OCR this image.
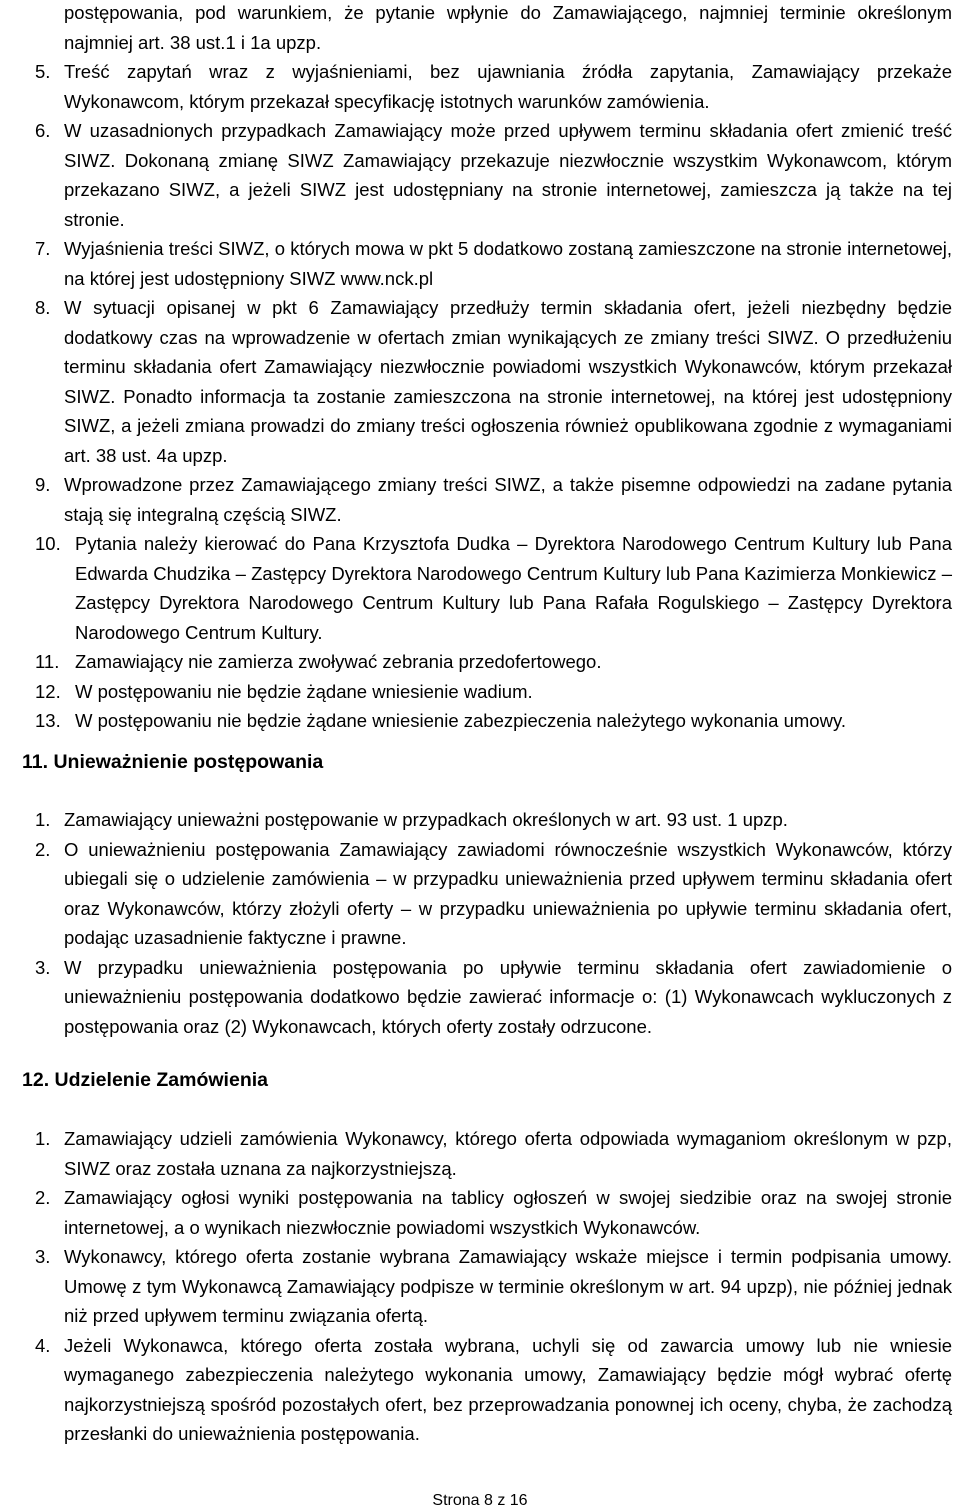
postępowania, pod warunkiem, że pytanie wpłynie do Zamawiającego, najmniej terminie określonym najmniej art. 38 ust.1 i 1a upzp.
5. Treść zapytań wraz z wyjaśnieniami, bez ujawniania źródła zapytania, Zamawiający przekaże Wykonawcom, którym przekazał specyfikację istotnych warunków zamówienia.
6. W uzasadnionych przypadkach Zamawiający może przed upływem terminu składania ofert zmienić treść SIWZ. Dokonaną zmianę SIWZ Zamawiający przekazuje niezwłocznie wszystkim Wykonawcom, którym przekazano SIWZ, a jeżeli SIWZ jest udostępniany na stronie internetowej, zamieszcza ją także na tej stronie.
7. Wyjaśnienia treści SIWZ, o których mowa w pkt 5 dodatkowo zostaną zamieszczone na stronie internetowej, na której jest udostępniony SIWZ www.nck.pl
8. W sytuacji opisanej w pkt 6 Zamawiający przedłuży termin składania ofert, jeżeli niezbędny będzie dodatkowy czas na wprowadzenie w ofertach zmian wynikających ze zmiany treści SIWZ. O przedłużeniu terminu składania ofert Zamawiający niezwłocznie powiadomi wszystkich Wykonawców, którym przekazał SIWZ. Ponadto informacja ta zostanie zamieszczona na stronie internetowej, na której jest udostępniony SIWZ, a jeżeli zmiana prowadzi do zmiany treści ogłoszenia również opublikowana zgodnie z wymaganiami art. 38 ust. 4a upzp.
9. Wprowadzone przez Zamawiającego zmiany treści SIWZ, a także pisemne odpowiedzi na zadane pytania stają się integralną częścią SIWZ.
10. Pytania należy kierować do Pana Krzysztofa Dudka – Dyrektora Narodowego Centrum Kultury lub Pana Edwarda Chudzika – Zastępcy Dyrektora Narodowego Centrum Kultury lub Pana Kazimierza Monkiewicz – Zastępcy Dyrektora Narodowego Centrum Kultury lub Pana Rafała Rogulskiego – Zastępcy Dyrektora Narodowego Centrum Kultury.
11. Zamawiający nie zamierza zwoływać zebrania przedofertowego.
12. W postępowaniu nie będzie żądane wniesienie wadium.
13. W postępowaniu nie będzie żądane wniesienie zabezpieczenia należytego wykonania umowy.
11. Unieważnienie postępowania
1. Zamawiający unieważni postępowanie w przypadkach określonych w art. 93 ust. 1 upzp.
2. O unieważnieniu postępowania Zamawiający zawiadomi równocześnie wszystkich Wykonawców, którzy ubiegali się o udzielenie zamówienia – w przypadku unieważnienia przed upływem terminu składania ofert oraz Wykonawców, którzy złożyli oferty – w przypadku unieważnienia po upływie terminu składania ofert, podając uzasadnienie faktyczne i prawne.
3. W przypadku unieważnienia postępowania po upływie terminu składania ofert zawiadomienie o unieważnieniu postępowania dodatkowo będzie zawierać informacje o: (1) Wykonawcach wykluczonych z postępowania oraz (2) Wykonawcach, których oferty zostały odrzucone.
12. Udzielenie Zamówienia
1. Zamawiający udzieli zamówienia Wykonawcy, którego oferta odpowiada wymaganiom określonym w pzp, SIWZ oraz została uznana za najkorzystniejszą.
2. Zamawiający ogłosi wyniki postępowania na tablicy ogłoszeń w swojej siedzibie oraz na swojej stronie internetowej, a o wynikach niezwłocznie powiadomi wszystkich Wykonawców.
3. Wykonawcy, którego oferta zostanie wybrana Zamawiający wskaże miejsce i termin podpisania umowy. Umowę z tym Wykonawcą Zamawiający podpisze w terminie określonym w art. 94 upzp), nie później jednak niż przed upływem terminu związania ofertą.
4. Jeżeli Wykonawca, którego oferta została wybrana, uchyli się od zawarcia umowy lub nie wniesie wymaganego zabezpieczenia należytego wykonania umowy, Zamawiający będzie mógł wybrać ofertę najkorzystniejszą spośród pozostałych ofert, bez przeprowadzania ponownej ich oceny, chyba, że zachodzą przesłanki do unieważnienia postępowania.
Strona 8 z 16
